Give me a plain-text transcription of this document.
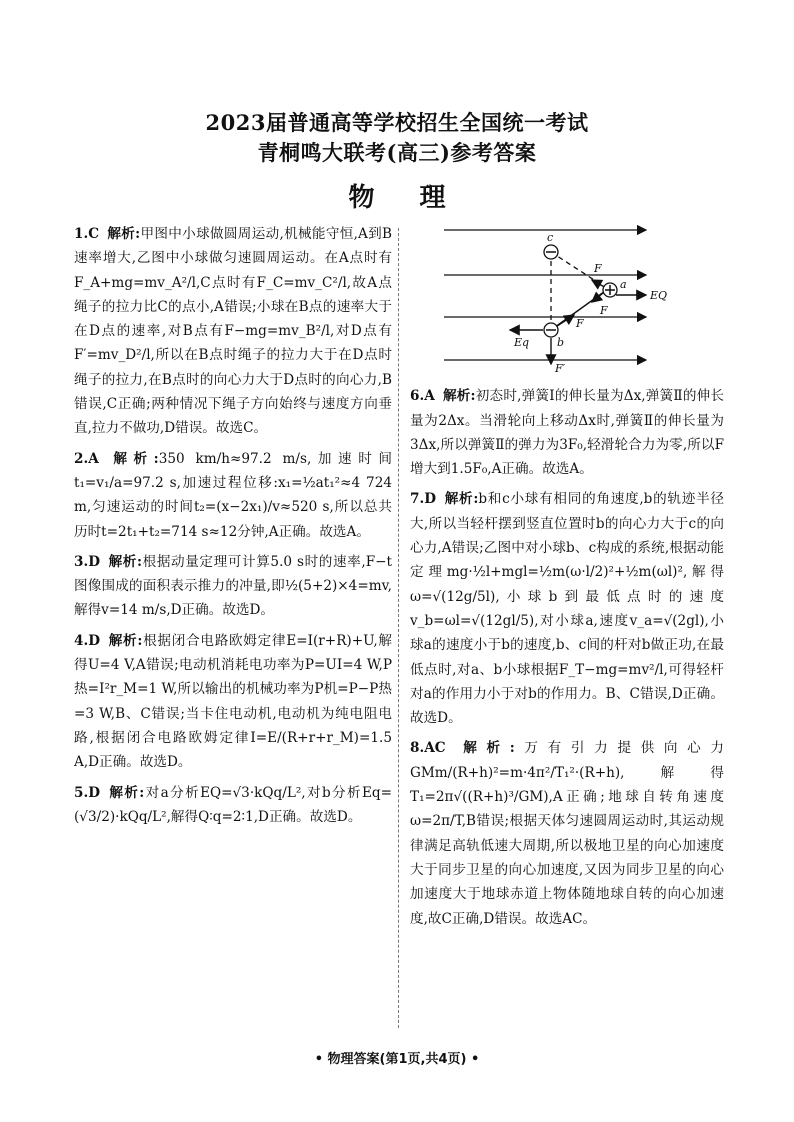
2023届普通高等学校招生全国统一考试
青桐鸣大联考(高三)参考答案
物 理
1.C 解析:甲图中小球做圆周运动,机械能守恒,A到B速率增大,乙图中小球做匀速圆周运动。在A点时有F_A+mg=mv_A²/l,C点时有F_C=mv_C²/l,故A点绳子的拉力比C的点小,A错误;小球在B点的速率大于在D点的速率,对B点有F−mg=mv_B²/l,对D点有F′=mv_D²/l,所以在B点时绳子的拉力大于在D点时绳子的拉力,在B点时的向心力大于D点时的向心力,B错误,C正确;两种情况下绳子方向始终与速度方向垂直,拉力不做功,D错误。故选C。
2.A 解析:350 km/h≈97.2 m/s,加速时间t₁=v₁/a=97.2 s,加速过程位移:x₁=½at₁²≈4 724 m,匀速运动的时间t₂=(x−2x₁)/v≈520 s,所以总共历时t=2t₁+t₂=714 s≈12分钟,A正确。故选A。
3.D 解析:根据动量定理可计算5.0 s时的速率,F−t图像围成的面积表示推力的冲量,即½(5+2)×4=mv,解得v=14 m/s,D正确。故选D。
4.D 解析:根据闭合电路欧姆定律E=I(r+R)+U,解得U=4 V,A错误;电动机消耗电功率为P=UI=4 W,P热=I²r_M=1 W,所以输出的机械功率为P机=P−P热=3 W,B、C错误;当卡住电动机,电动机为纯电阻电路,根据闭合电路欧姆定律I=E/(R+r+r_M)=1.5 A,D正确。故选D。
5.D 解析:对a分析EQ=√3·kQq/L²,对b分析Eq=(√3/2)·kQq/L²,解得Q∶q=2∶1,D正确。故选D。
c
a
EQ
F
F
F
Eq	b
F′
6.A 解析:初态时,弹簧Ⅰ的伸长量为Δx,弹簧Ⅱ的伸长量为2Δx。当滑轮向上移动Δx时,弹簧Ⅱ的伸长量为3Δx,所以弹簧Ⅱ的弹力为3F₀,轻滑轮合力为零,所以F增大到1.5F₀,A正确。故选A。
7.D 解析:b和c小球有相同的角速度,b的轨迹半径大,所以当轻杆摆到竖直位置时b的向心力大于c的向心力,A错误;乙图中对小球b、c构成的系统,根据动能定理mg·½l+mgl=½m(ω·l/2)²+½m(ωl)²,解得ω=√(12g/5l),小球b到最低点时的速度v_b=ωl=√(12gl/5),对小球a,速度v_a=√(2gl),小球a的速度小于b的速度,b、c间的杆对b做正功,在最低点时,对a、b小球根据F_T−mg=mv²/l,可得轻杆对a的作用力小于对b的作用力。B、C错误,D正确。故选D。
8.AC 解析:万有引力提供向心力GMm/(R+h)²=m·4π²/T₁²·(R+h),解得T₁=2π√((R+h)³/GM),A正确;地球自转角速度ω=2π/T,B错误;根据天体匀速圆周运动时,其运动规律满足高轨低速大周期,所以极地卫星的向心加速度大于同步卫星的向心加速度,又因为同步卫星的向心加速度大于地球赤道上物体随地球自转的向心加速度,故C正确,D错误。故选AC。
• 物理答案(第1页,共4页) •
